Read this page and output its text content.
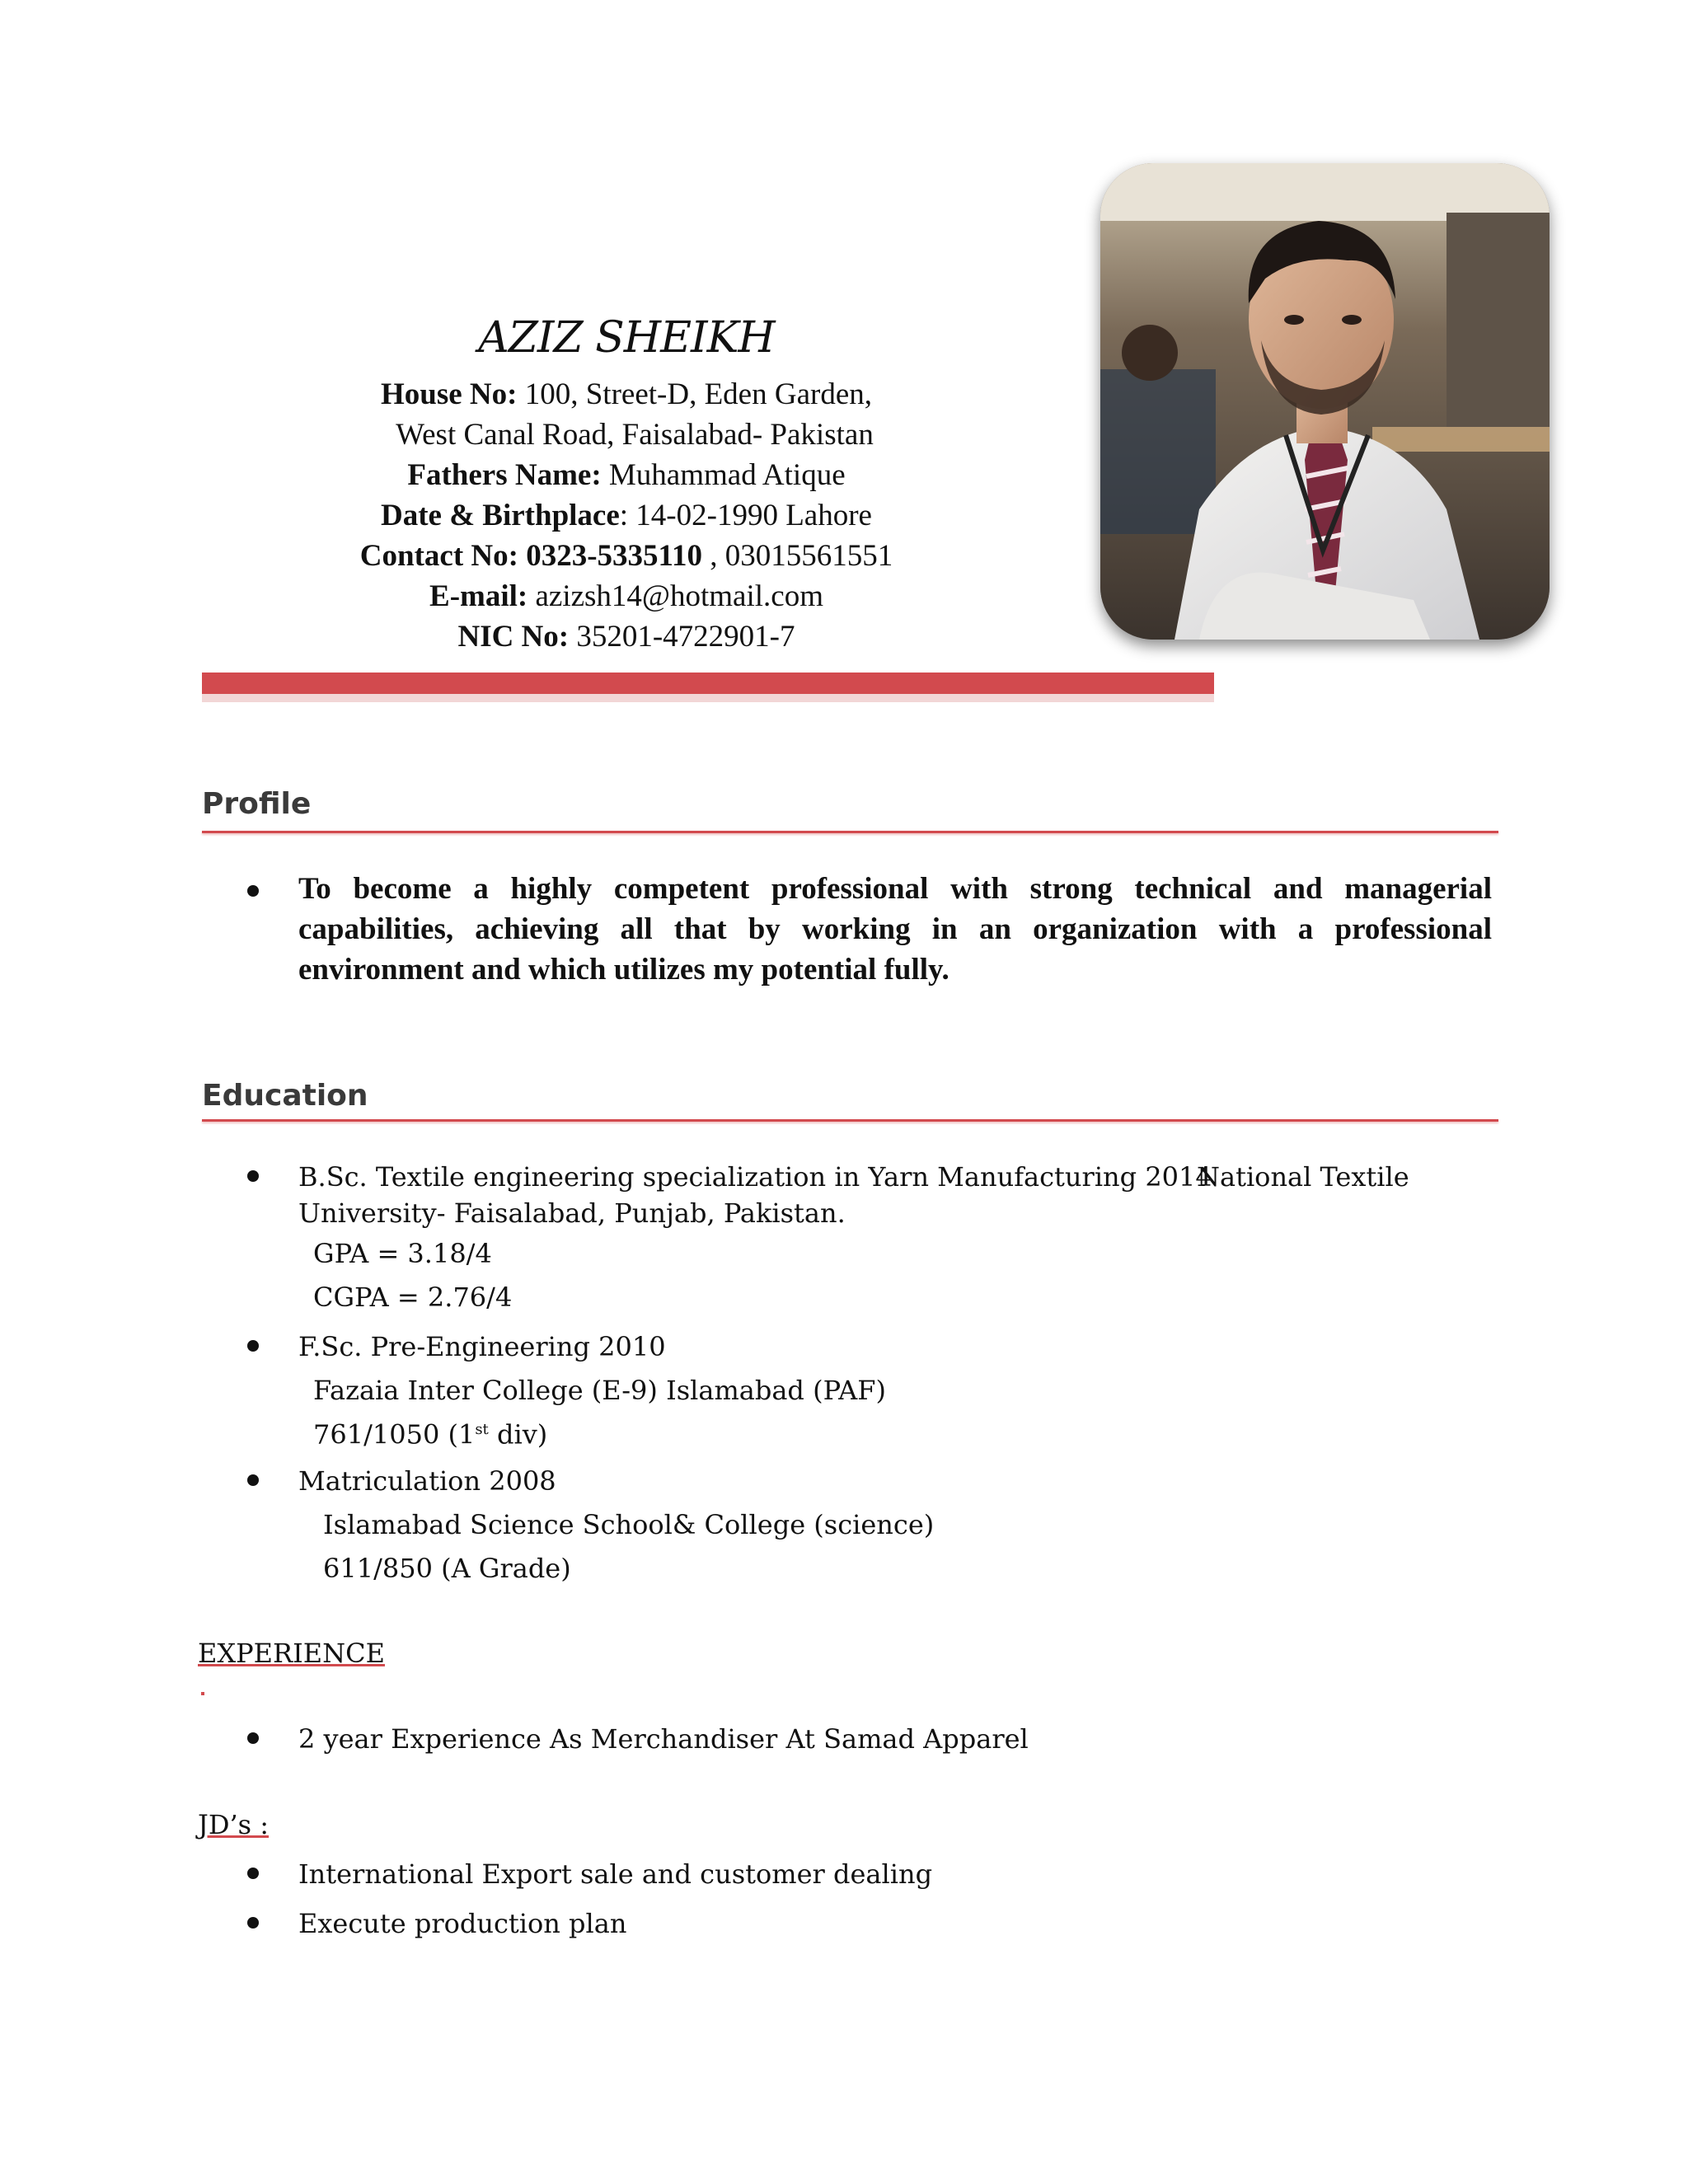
AZIZ SHEIKH
House No: 100, Street-D, Eden Garden,
West Canal Road, Faisalabad- Pakistan
Fathers Name: Muhammad Atique
Date & Birthplace: 14-02-1990 Lahore
Contact No: 0323-5335110 , 03015561551
E-mail: azizsh14@hotmail.com
NIC No: 35201-4722901-7
Profile
To become a highly competent professional with strong technical and managerial capabilities, achieving all that by working in an organization with a professional environment and which utilizes my potential fully.
Education
B.Sc. Textile engineering specialization in Yarn Manufacturing 2014
National Textile
University- Faisalabad, Punjab, Pakistan.
GPA = 3.18/4
CGPA = 2.76/4
F.Sc. Pre-Engineering 2010
Fazaia Inter College (E-9) Islamabad (PAF)
761/1050 (1st div)
Matriculation 2008
Islamabad Science School& College (science)
611/850 (A Grade)
EXPERIENCE
2 year Experience As Merchandiser At Samad Apparel
JD’s :
International Export sale and customer dealing
Execute production plan
